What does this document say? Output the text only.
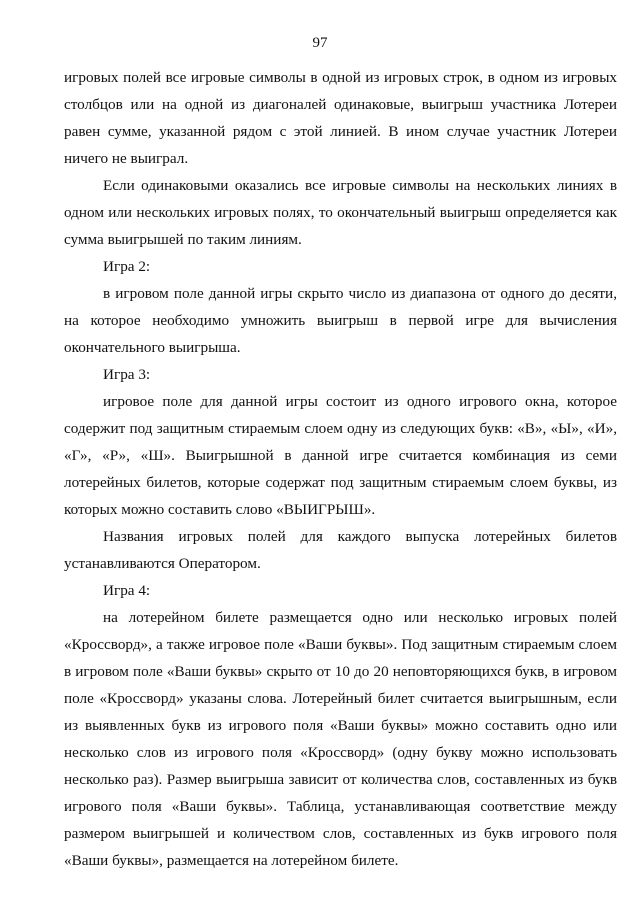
97

игровых полей все игровые символы в одной из игровых строк, в одном из игровых столбцов или на одной из диагоналей одинаковые, выигрыш участника Лотереи равен сумме, указанной рядом с этой линией. В ином случае участник Лотереи ничего не выиграл.

Если одинаковыми оказались все игровые символы на нескольких линиях в одном или нескольких игровых полях, то окончательный выигрыш определяется как сумма выигрышей по таким линиям.

Игра 2:

в игровом поле данной игры скрыто число из диапазона от одного до десяти, на которое необходимо умножить выигрыш в первой игре для вычисления окончательного выигрыша.

Игра 3:

игровое поле для данной игры состоит из одного игрового окна, которое содержит под защитным стираемым слоем одну из следующих букв: «В», «Ы», «И», «Г», «Р», «Ш». Выигрышной в данной игре считается комбинация из семи лотерейных билетов, которые содержат под защитным стираемым слоем буквы, из которых можно составить слово «ВЫИГРЫШ».

Названия игровых полей для каждого выпуска лотерейных билетов устанавливаются Оператором.

Игра 4:

на лотерейном билете размещается одно или несколько игровых полей «Кроссворд», а также игровое поле «Ваши буквы». Под защитным стираемым слоем в игровом поле «Ваши буквы» скрыто от 10 до 20 неповторяющихся букв, в игровом поле «Кроссворд» указаны слова. Лотерейный билет считается выигрышным, если из выявленных букв из игрового поля «Ваши буквы» можно составить одно или несколько слов из игрового поля «Кроссворд» (одну букву можно использовать несколько раз). Размер выигрыша зависит от количества слов, составленных из букв игрового поля «Ваши буквы». Таблица, устанавливающая соответствие между размером выигрышей и количеством слов, составленных из букв игрового поля «Ваши буквы», размещается на лотерейном билете.
